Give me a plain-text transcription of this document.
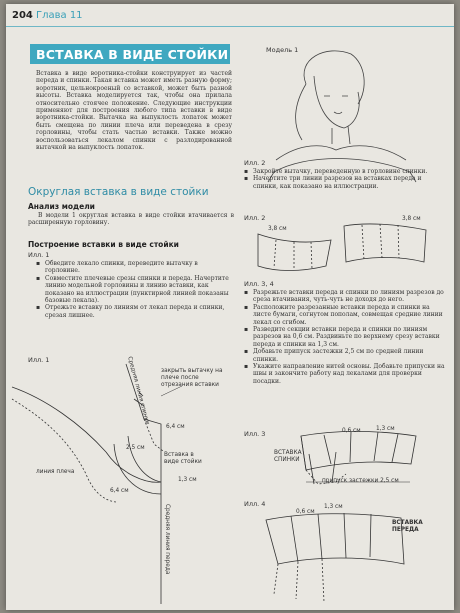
204 Глава 11
ВСТАВКА В ВИДЕ СТОЙКИ
Вставка в виде воротника-стойки конструирует из частей переда и спинки. Такая вставка может иметь разную форму; воротник, цельнокроеный со вставкой, может быть разной высоты. Вставка моделируется так, чтобы она прилала относительно стоячее положение. Следующие инструкции применяют для построения любого типа вставки в виде воротника-стойки. Вытачка на выпуклость лопаток может быть смещена по линии плеча или переведена в срезу горловины, чтобы стать частью вставки. Также можно воспользоваться лекалом спинки с разлодированной вытачкой на выпуклость лопаток.
Округлая вставка в виде стойки
Анализ модели
В модели 1 округлая вставка в виде стойки втачивается в расширенную горловину.
Построение вставки в виде стойки
Илл. 1
▪ Обведите лекало спинки, переведите вытачку в горловине.
▪ Совместите плечевые срезы спинки и переда. Начертите линию модельной горловины и линию вставки, как показано на иллюстрации (пунктирной линией показаны базовые лекала).
▪ Отрежьте вставку по линиям от лекал переда и спинки, срезая лишнее.
Илл. 1	Средняя линия спинки закрыть вытачку на плече после отрезания вставки
линия плеча
Вставка в виде стойки
6,4 см
2,5 см
1,3 см
6,4 см
Средняя линия переда
Модель 1
Илл. 2
▪ Закройте вытачку, переведенную в горловине спинки.
▪ Начертите три линии разрезов на вставках переда и спинки, как показано на иллюстрации.
Илл. 2
3,8 см
3,8 см
Илл. 3, 4
▪ Разрежьте вставки переда и спинки по линиям разрезов до среза втачивания, чуть-чуть не доходя до него.
▪ Расположите разрезанные вставки переда и спинки на листе бумаги, согнутом пополам, совмещая средние линии лекал со сгибом.
▪ Разведите секции вставки переда и спинки по линиям разрезов на 0,6 см. Раздвиньте по верхнему срезу вставки переда и спинки на 1,3 см.
▪ Добавьте припуск застежки 2,5 см по средней линии спинки.
▪ Укажите направление нитей основы. Добавьте припуски на швы и закончите работу над лекалами для проверки посадки.
Илл. 3
ВСТАВКА
СПИНКИ
припуск застежки 2,5 см
0,6 см	1,3 см
Илл. 4
ВСТАВКА
ПЕРЕДА
0,6 см
1,3 см
